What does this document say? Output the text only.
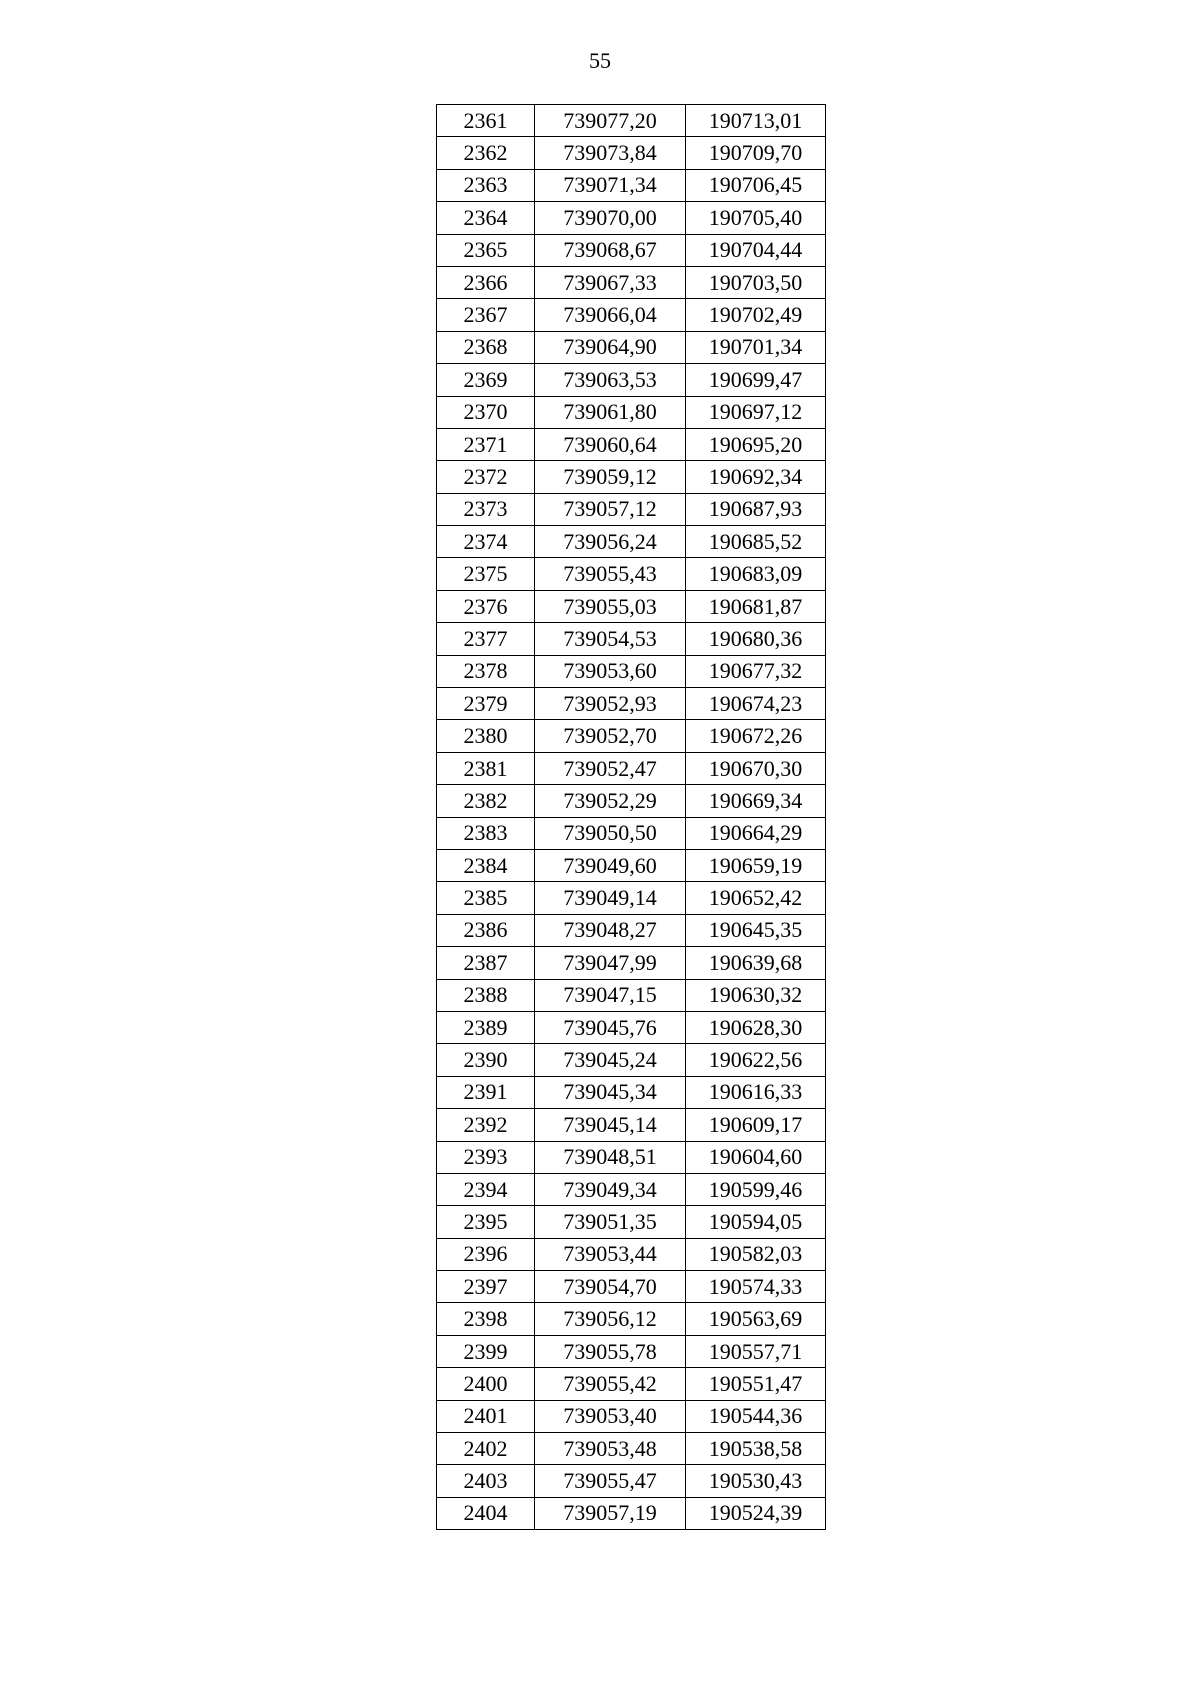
55
2361	739077,20	190713,01
2362	739073,84	190709,70
2363	739071,34	190706,45
2364	739070,00	190705,40
2365	739068,67	190704,44
2366	739067,33	190703,50
2367	739066,04	190702,49
2368	739064,90	190701,34
2369	739063,53	190699,47
2370	739061,80	190697,12
2371	739060,64	190695,20
2372	739059,12	190692,34
2373	739057,12	190687,93
2374	739056,24	190685,52
2375	739055,43	190683,09
2376	739055,03	190681,87
2377	739054,53	190680,36
2378	739053,60	190677,32
2379	739052,93	190674,23
2380	739052,70	190672,26
2381	739052,47	190670,30
2382	739052,29	190669,34
2383	739050,50	190664,29
2384	739049,60	190659,19
2385	739049,14	190652,42
2386	739048,27	190645,35
2387	739047,99	190639,68
2388	739047,15	190630,32
2389	739045,76	190628,30
2390	739045,24	190622,56
2391	739045,34	190616,33
2392	739045,14	190609,17
2393	739048,51	190604,60
2394	739049,34	190599,46
2395	739051,35	190594,05
2396	739053,44	190582,03
2397	739054,70	190574,33
2398	739056,12	190563,69
2399	739055,78	190557,71
2400	739055,42	190551,47
2401	739053,40	190544,36
2402	739053,48	190538,58
2403	739055,47	190530,43
2404	739057,19	190524,39
